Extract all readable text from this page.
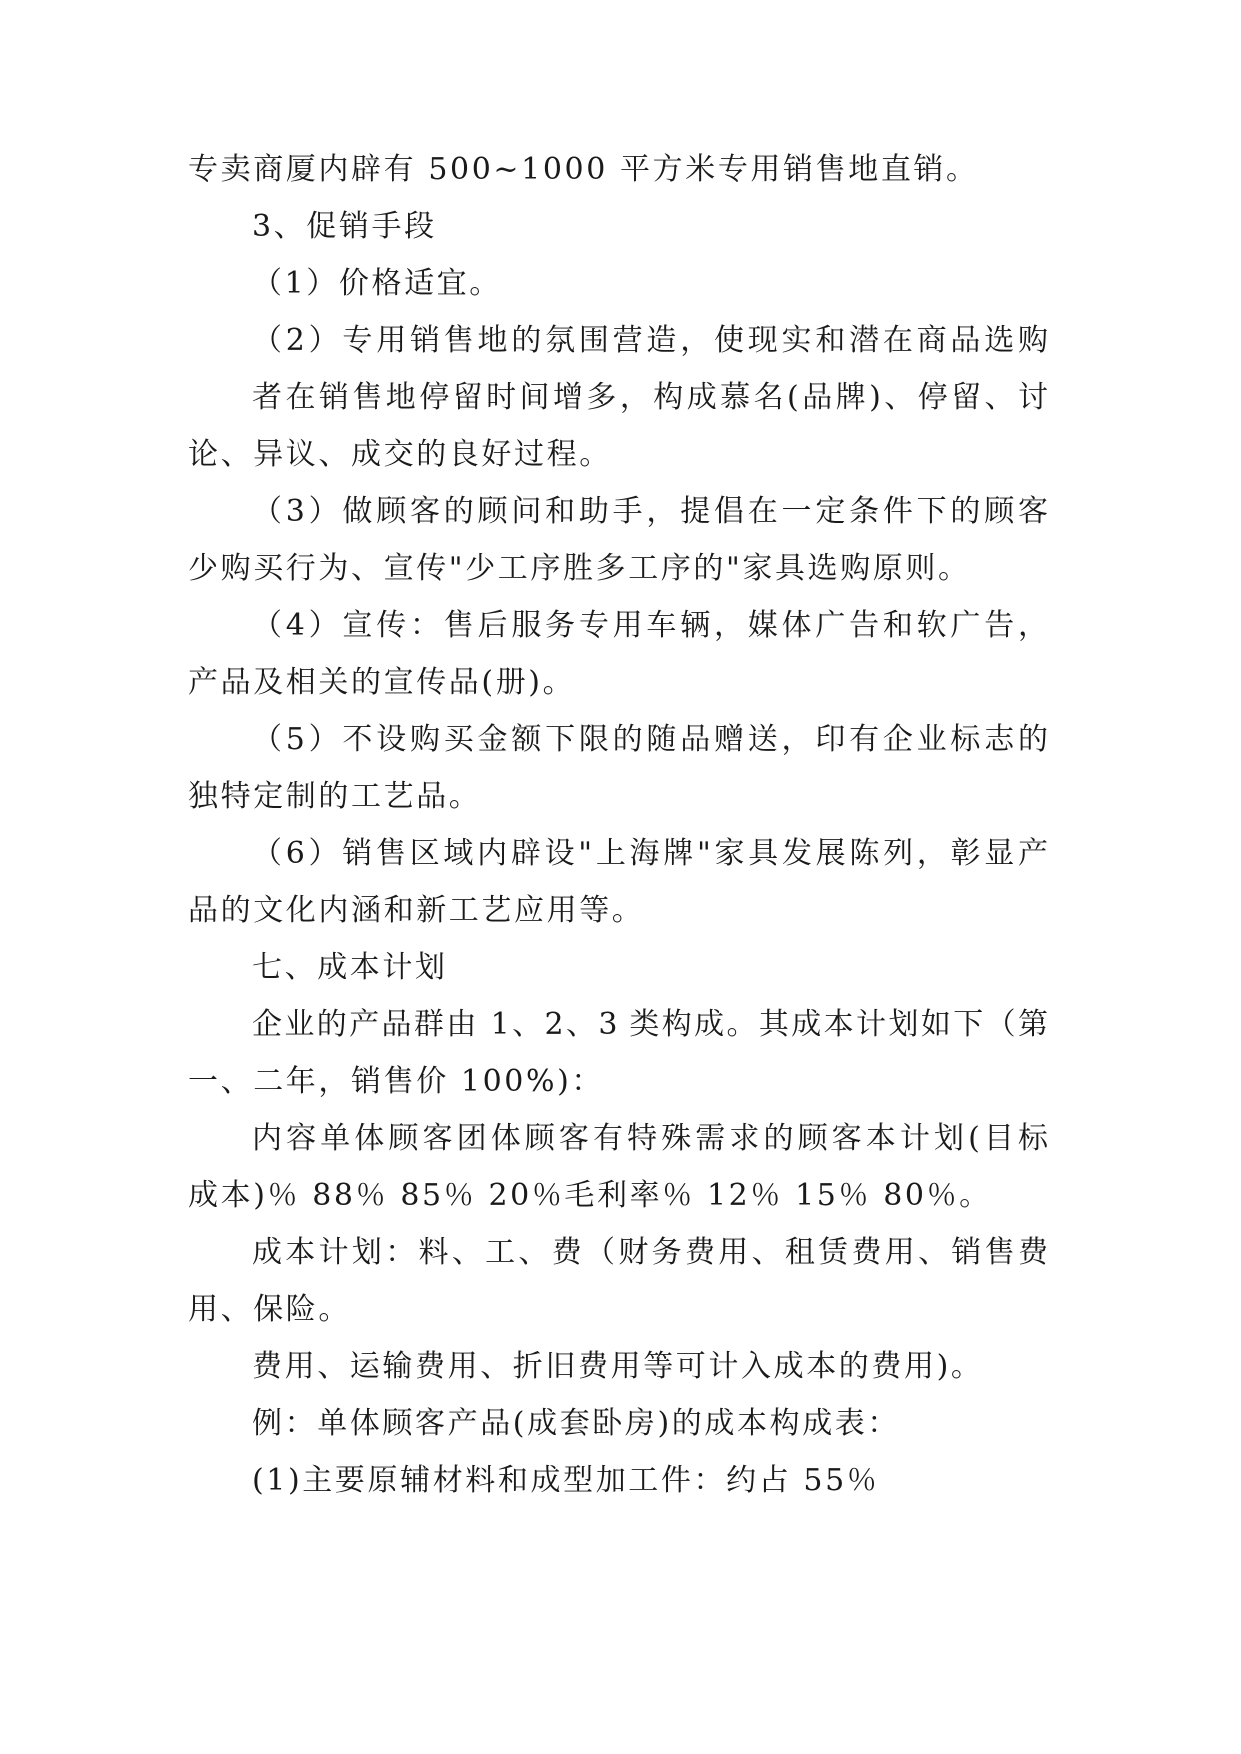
专卖商厦内辟有 500~1000 平方米专用销售地直销。
3、促销手段
（1）价格适宜。
（2）专用销售地的氛围营造，使现实和潜在商品选购
者在销售地停留时间增多，构成慕名(品牌)、停留、讨
论、异议、成交的良好过程。
（3）做顾客的顾问和助手，提倡在一定条件下的顾客
少购买行为、宣传"少工序胜多工序的"家具选购原则。
（4）宣传：售后服务专用车辆，媒体广告和软广告，
产品及相关的宣传品(册)。
（5）不设购买金额下限的随品赠送，印有企业标志的
独特定制的工艺品。
（6）销售区域内辟设"上海牌"家具发展陈列，彰显产
品的文化内涵和新工艺应用等。
七、成本计划
企业的产品群由 1、2、3 类构成。其成本计划如下（第
一、二年，销售价 100%)：
内容单体顾客团体顾客有特殊需求的顾客本计划(目标
成本)％ 88％ 85％ 20％毛利率％ 12％ 15％ 80％。
成本计划：料、工、费（财务费用、租赁费用、销售费
用、保险。
费用、运输费用、折旧费用等可计入成本的费用)。
例：单体顾客产品(成套卧房)的成本构成表：
(1)主要原辅材料和成型加工件：约占 55％
